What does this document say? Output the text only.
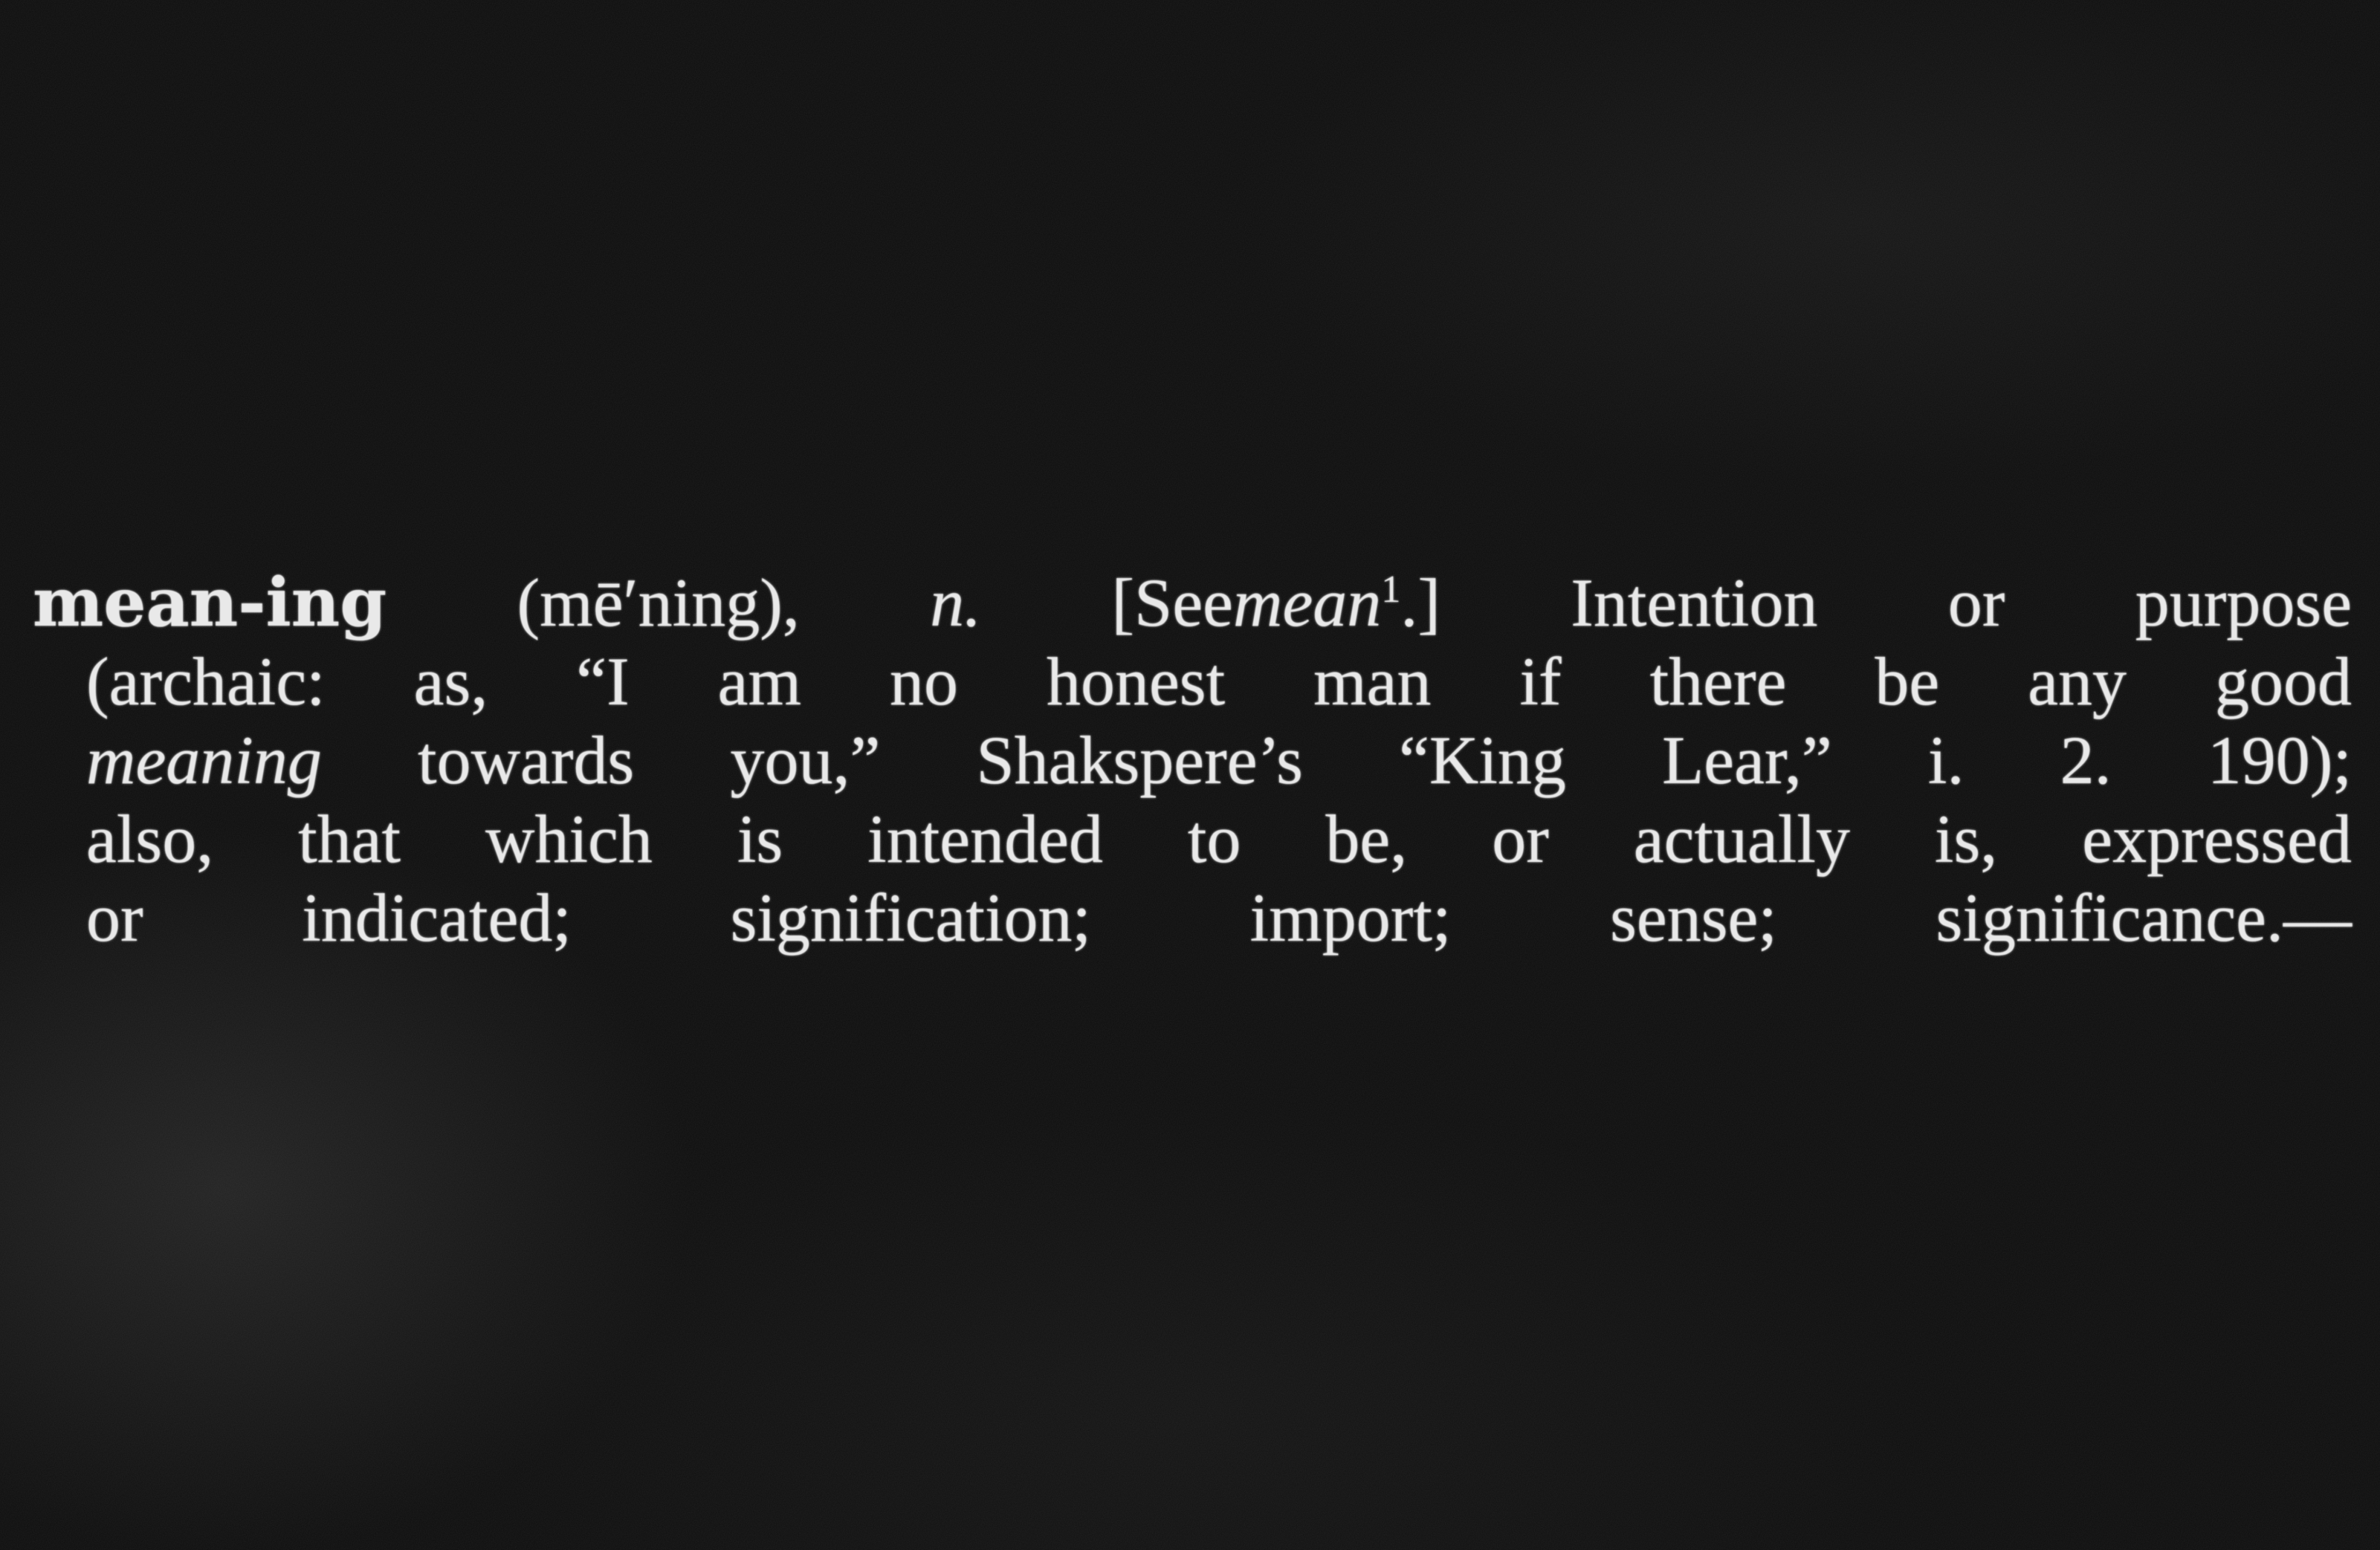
mean-ing (mē′ning), n. [Seemean$^1$.] Intention or purpose
(archaic: as, “I am no honest man if there be any good
meaning towards you,” Shakspere’s “King Lear,” i. 2. 190);
also, that which is intended to be, or actually is, expressed
or indicated; signification; import; sense; significance.—
